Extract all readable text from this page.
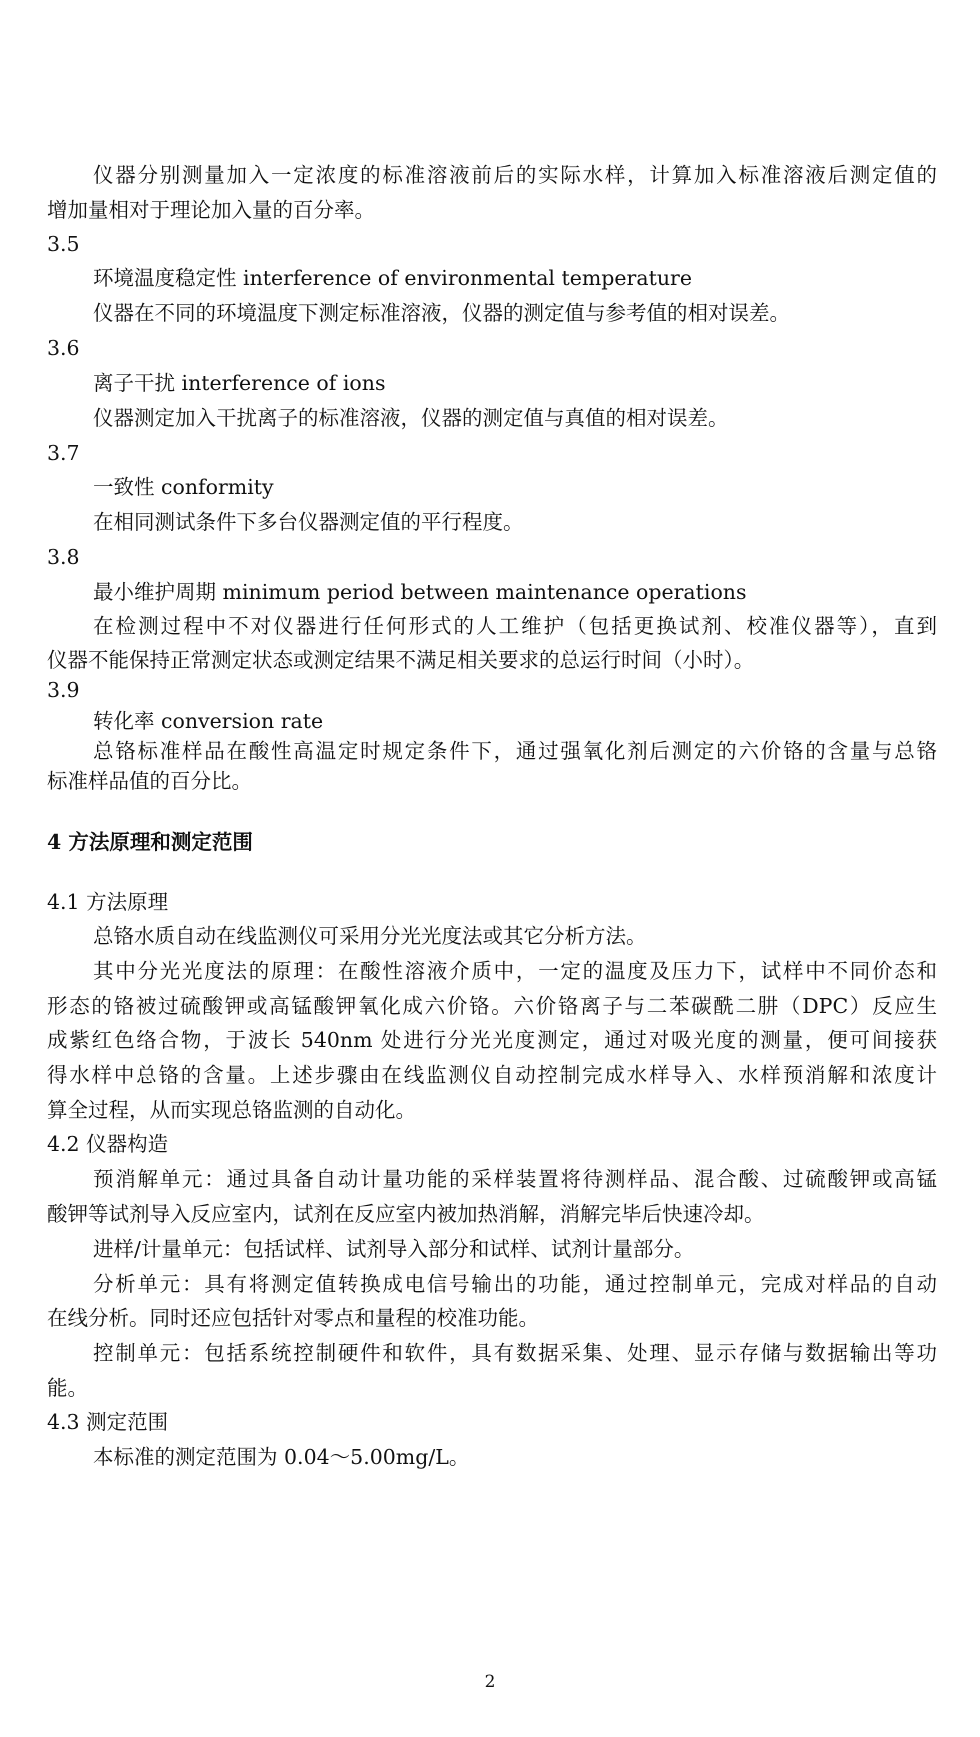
仪器分别测量加入一定浓度的标准溶液前后的实际水样，计算加入标准溶液后测定值的
增加量相对于理论加入量的百分率。
3.5
环境温度稳定性 interference of environmental temperature
仪器在不同的环境温度下测定标准溶液，仪器的测定值与参考值的相对误差。
3.6
离子干扰 interference of ions
仪器测定加入干扰离子的标准溶液，仪器的测定值与真值的相对误差。
3.7
一致性 conformity
在相同测试条件下多台仪器测定值的平行程度。
3.8
最小维护周期 minimum period between maintenance operations
在检测过程中不对仪器进行任何形式的人工维护（包括更换试剂、校准仪器等），直到
仪器不能保持正常测定状态或测定结果不满足相关要求的总运行时间（小时）。
3.9
转化率 conversion rate
总铬标准样品在酸性高温定时规定条件下，通过强氧化剂后测定的六价铬的含量与总铬
标准样品值的百分比。
4 方法原理和测定范围
4.1 方法原理
总铬水质自动在线监测仪可采用分光光度法或其它分析方法。
其中分光光度法的原理：在酸性溶液介质中，一定的温度及压力下，试样中不同价态和
形态的铬被过硫酸钾或高锰酸钾氧化成六价铬。六价铬离子与二苯碳酰二肼（DPC）反应生
成紫红色络合物，于波长 540nm 处进行分光光度测定，通过对吸光度的测量，便可间接获
得水样中总铬的含量。上述步骤由在线监测仪自动控制完成水样导入、水样预消解和浓度计
算全过程，从而实现总铬监测的自动化。
4.2 仪器构造
预消解单元：通过具备自动计量功能的采样装置将待测样品、混合酸、过硫酸钾或高锰
酸钾等试剂导入反应室内，试剂在反应室内被加热消解，消解完毕后快速冷却。
进样/计量单元：包括试样、试剂导入部分和试样、试剂计量部分。
分析单元：具有将测定值转换成电信号输出的功能，通过控制单元，完成对样品的自动
在线分析。同时还应包括针对零点和量程的校准功能。
控制单元：包括系统控制硬件和软件，具有数据采集、处理、显示存储与数据输出等功
能。
4.3 测定范围
本标准的测定范围为 0.04～5.00mg/L。
2
